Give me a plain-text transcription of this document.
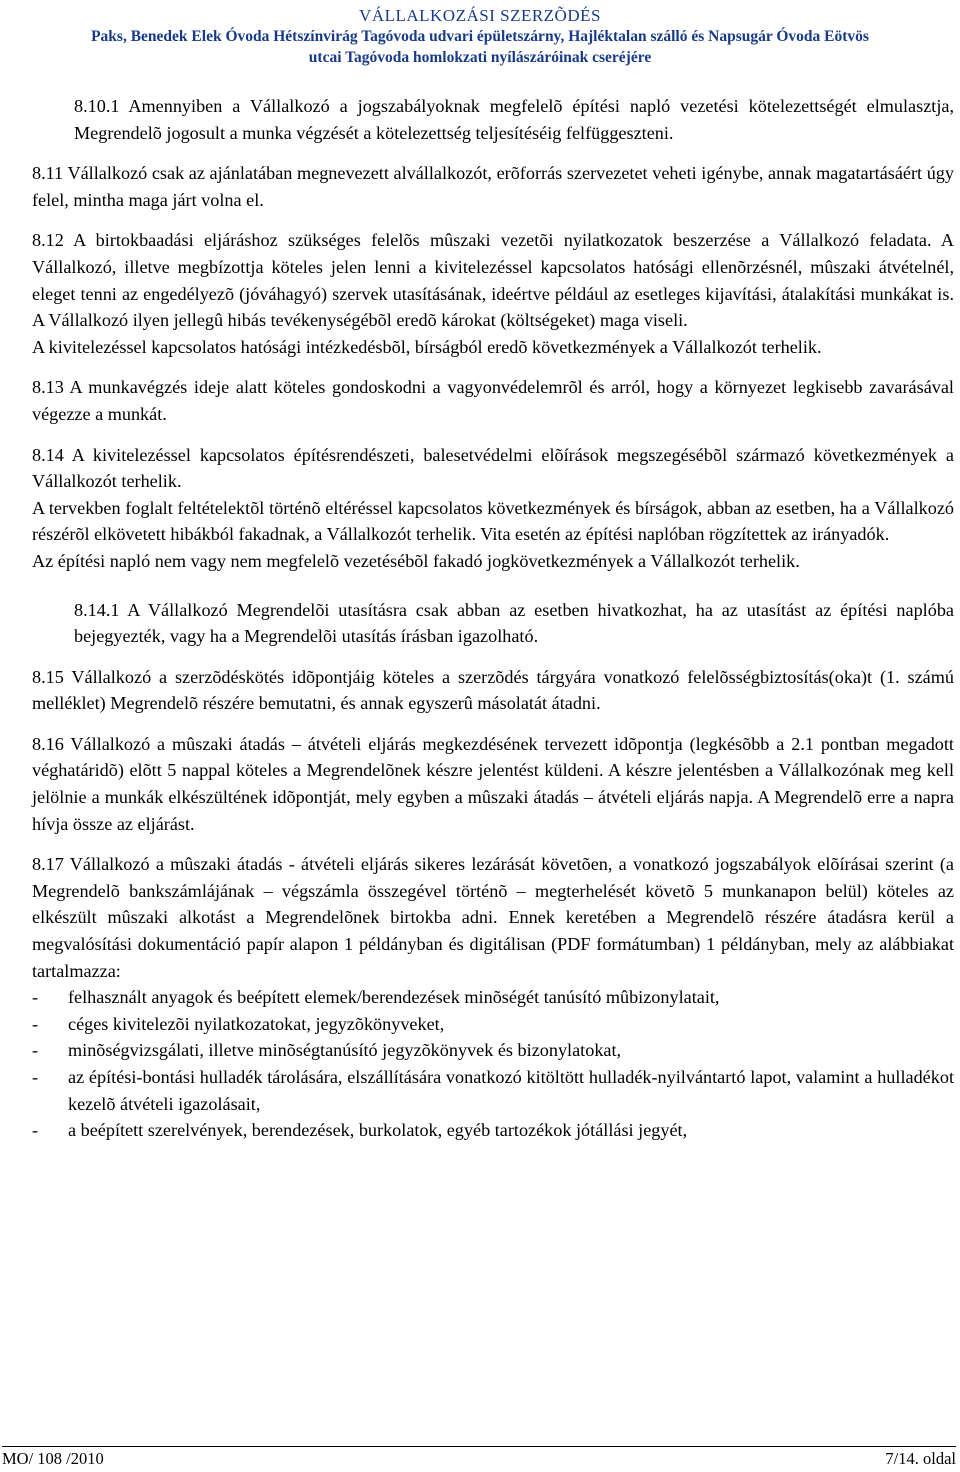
VÁLLALKOZÁSI SZERZÕDÉS
Paks, Benedek Elek Óvoda Hétszínvirág Tagóvoda udvari épületszárny, Hajléktalan szálló és Napsugár Óvoda Eötvös
utcai Tagóvoda homlokzati nyílászáróinak cseréjére
8.10.1 Amennyiben a Vállalkozó a jogszabályoknak megfelelõ építési napló vezetési kötelezettségét elmulasztja, Megrendelõ jogosult a munka végzését a kötelezettség teljesítéséig felfüggeszteni.
8.11 Vállalkozó csak az ajánlatában megnevezett alvállalkozót, erõforrás szervezetet veheti igénybe, annak magatartásáért úgy felel, mintha maga járt volna el.
8.12 A birtokbaadási eljáráshoz szükséges felelõs mûszaki vezetõi nyilatkozatok beszerzése a Vállalkozó feladata. A Vállalkozó, illetve megbízottja köteles jelen lenni a kivitelezéssel kapcsolatos hatósági ellenõrzésnél, mûszaki átvételnél, eleget tenni az engedélyezõ (jóváhagyó) szervek utasításának, ideértve például az esetleges kijavítási, átalakítási munkákat is. A Vállalkozó ilyen jellegû hibás tevékenységébõl eredõ károkat (költségeket) maga viseli.
A kivitelezéssel kapcsolatos hatósági intézkedésbõl, bírságból eredõ következmények a Vállalkozót terhelik.
8.13 A munkavégzés ideje alatt köteles gondoskodni a vagyonvédelemrõl és arról, hogy a környezet legkisebb zavarásával végezze a munkát.
8.14 A kivitelezéssel kapcsolatos építésrendészeti, balesetvédelmi elõírások megszegésébõl származó következmények a Vállalkozót terhelik.
A tervekben foglalt feltételektõl történõ eltéréssel kapcsolatos következmények és bírságok, abban az esetben, ha a Vállalkozó részérõl elkövetett hibákból fakadnak, a Vállalkozót terhelik. Vita esetén az építési naplóban rögzítettek az irányadók.
Az építési napló nem vagy nem megfelelõ vezetésébõl fakadó jogkövetkezmények a Vállalkozót terhelik.
8.14.1 A Vállalkozó Megrendelõi utasításra csak abban az esetben hivatkozhat, ha az utasítást az építési naplóba bejegyezték, vagy ha a Megrendelõi utasítás írásban igazolható.
8.15 Vállalkozó a szerzõdéskötés idõpontjáig köteles a szerzõdés tárgyára vonatkozó felelõsségbiztosítás(oka)t (1. számú melléklet) Megrendelõ részére bemutatni, és annak egyszerû másolatát átadni.
8.16 Vállalkozó a mûszaki átadás – átvételi eljárás megkezdésének tervezett idõpontja (legkésõbb a 2.1 pontban megadott véghatáridõ) elõtt 5 nappal köteles a Megrendelõnek készre jelentést küldeni. A készre jelentésben a Vállalkozónak meg kell jelölnie a munkák elkészültének idõpontját, mely egyben a mûszaki átadás – átvételi eljárás napja. A Megrendelõ erre a napra hívja össze az eljárást.
8.17 Vállalkozó a mûszaki átadás - átvételi eljárás sikeres lezárását követõen, a vonatkozó jogszabályok elõírásai szerint (a Megrendelõ bankszámlájának – végszámla összegével történõ – megterhelését követõ 5 munkanapon belül) köteles az elkészült mûszaki alkotást a Megrendelõnek birtokba adni. Ennek keretében a Megrendelõ részére átadásra kerül a megvalósítási dokumentáció papír alapon 1 példányban és digitálisan (PDF formátumban) 1 példányban, mely az alábbiakat tartalmazza:
-	felhasznált anyagok és beépített elemek/berendezések minõségét tanúsító mûbizonylatait,
-	céges kivitelezõi nyilatkozatokat, jegyzõkönyveket,
-	minõségvizsgálati, illetve minõségtanúsító jegyzõkönyvek és bizonylatokat,
-	az építési-bontási hulladék tárolására, elszállítására vonatkozó kitöltött hulladék-nyilvántartó lapot, valamint a hulladékot kezelõ átvételi igazolásait,
-	a beépített szerelvények, berendezések, burkolatok, egyéb tartozékok jótállási jegyét,
MO/ 108 /2010	7/14. oldal
